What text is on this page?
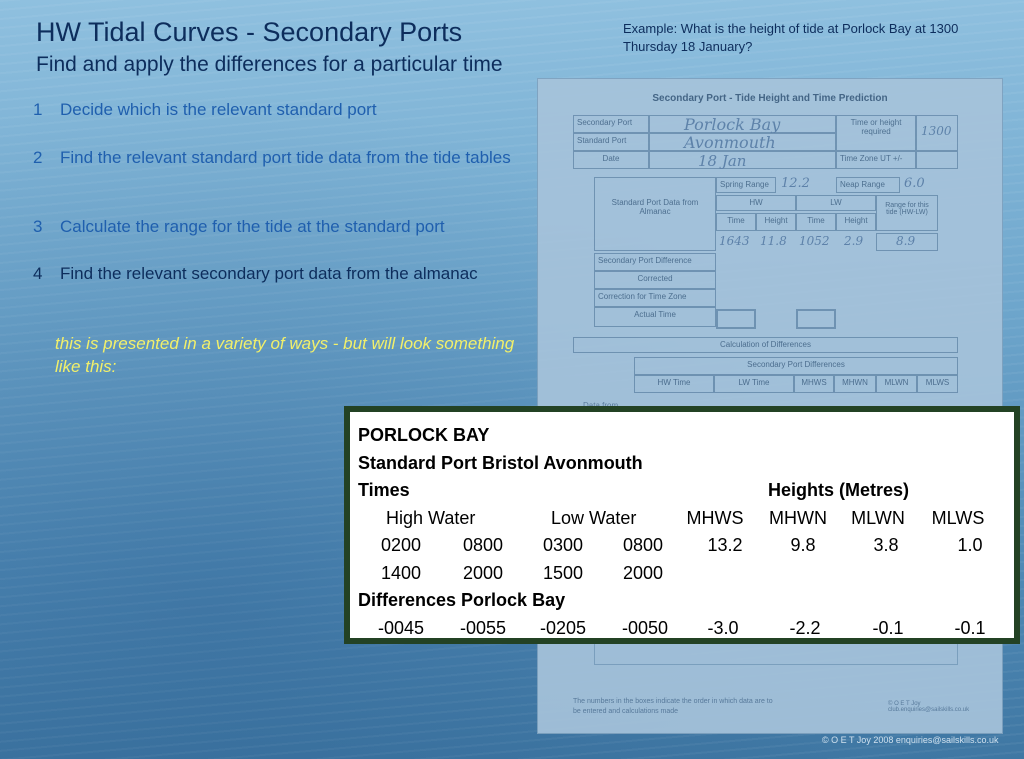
HW Tidal Curves - Secondary Ports
Find and apply the differences for a particular time
Example: What is the height of tide at Porlock Bay at 1300 Thursday 18 January?
1 Decide which is the relevant standard port
2 Find the relevant standard port tide data from the tide tables
3 Calculate the range for the tide at the standard port
4 Find the relevant secondary port data from the almanac
this is presented in a variety of ways - but will look something like this:
Secondary Port - Tide Height and Time Prediction
Secondary Port	Porlock Bay
Standard Port	Avonmouth
Date	18 Jan
Time or height required	1300
Time Zone UT +/-
Standard Port Data from Almanac
Spring Range 12.2	Neap Range	6.0
HW	LW	Range for this tide (HW-LW)
Time	Height	Time	Height
1643 11.8 1052 2.9	8.9
Secondary Port Difference
Corrected
Correction for Time Zone
Actual Time
Calculation of Differences
Secondary Port Differences
HW Time	LW Time	MHWS	MHWN	MLWN	MLWS
The numbers in the boxes indicate the order in which data are to be entered and calculations made
© O E T Joy club.enquiries@sailskills.co.uk
PORLOCK BAY
Standard Port Bristol Avonmouth
Times	Heights (Metres)
High Water	Low Water	MHWS	MHWN	MLWN	MLWS
0200	0800	0300	0800	13.2	9.8	3.8	1.0
1400	2000	1500	2000
Differences Porlock Bay
-0045	-0055	-0205	-0050	-3.0	-2.2	-0.1	-0.1
© O E T Joy 2008 enquiries@sailskills.co.uk
